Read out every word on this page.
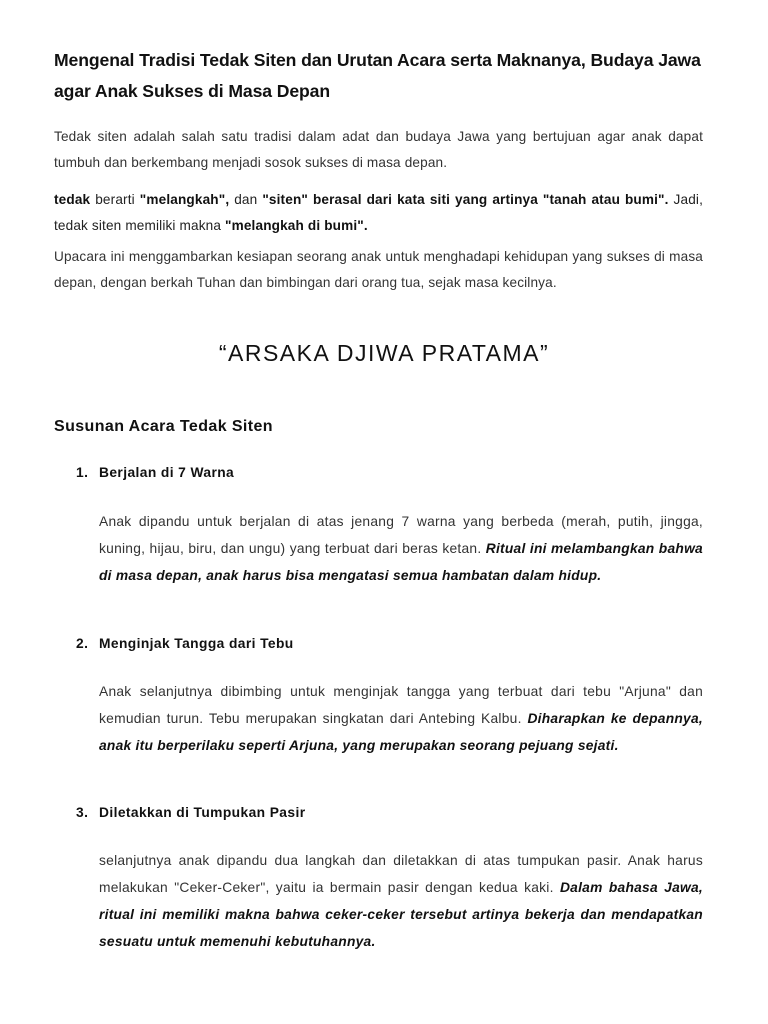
Mengenal Tradisi Tedak Siten dan Urutan Acara serta Maknanya, Budaya Jawa agar Anak Sukses di Masa Depan

Tedak siten adalah salah satu tradisi dalam adat dan budaya Jawa yang bertujuan agar anak dapat tumbuh dan berkembang menjadi sosok sukses di masa depan.

tedak berarti "melangkah", dan "siten" berasal dari kata siti yang artinya "tanah atau bumi". Jadi, tedak siten memiliki makna "melangkah di bumi".

Upacara ini menggambarkan kesiapan seorang anak untuk menghadapi kehidupan yang sukses di masa depan, dengan berkah Tuhan dan bimbingan dari orang tua, sejak masa kecilnya.

“ARSAKA DJIWA PRATAMA”
Susunan Acara Tedak Siten
1. Berjalan di 7 Warna

Anak dipandu untuk berjalan di atas jenang 7 warna yang berbeda (merah, putih, jingga, kuning, hijau, biru, dan ungu) yang terbuat dari beras ketan. Ritual ini melambangkan bahwa di masa depan, anak harus bisa mengatasi semua hambatan dalam hidup.

2. Menginjak Tangga dari Tebu

Anak selanjutnya dibimbing untuk menginjak tangga yang terbuat dari tebu "Arjuna" dan kemudian turun. Tebu merupakan singkatan dari Antebing Kalbu. Diharapkan ke depannya, anak itu berperilaku seperti Arjuna, yang merupakan seorang pejuang sejati.

3. Diletakkan di Tumpukan Pasir

selanjutnya anak dipandu dua langkah dan diletakkan di atas tumpukan pasir. Anak harus melakukan "Ceker-Ceker", yaitu ia bermain pasir dengan kedua kaki. Dalam bahasa Jawa, ritual ini memiliki makna bahwa ceker-ceker tersebut artinya bekerja dan mendapatkan sesuatu untuk memenuhi kebutuhannya.
